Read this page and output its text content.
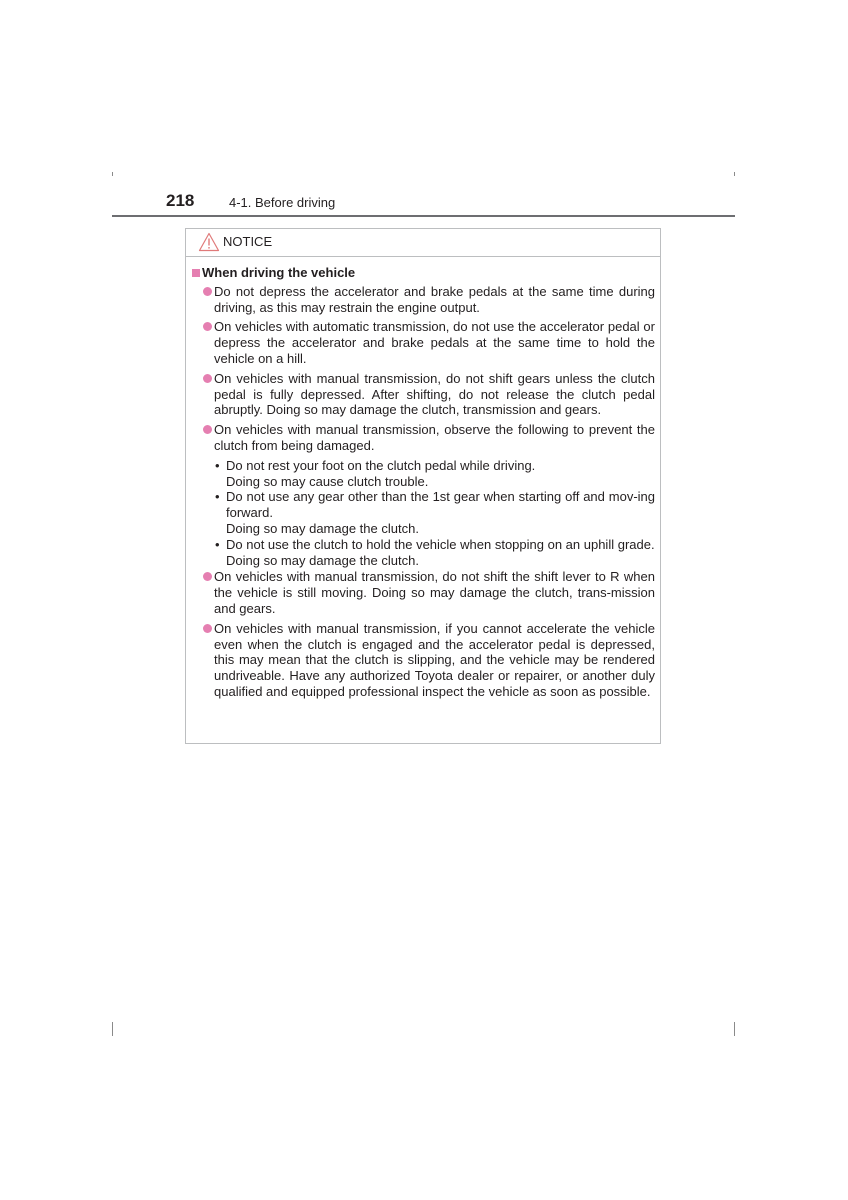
218	4-1. Before driving
NOTICE
When driving the vehicle
Do not depress the accelerator and brake pedals at the same time during driving, as this may restrain the engine output.
On vehicles with automatic transmission, do not use the accelerator pedal or depress the accelerator and brake pedals at the same time to hold the vehicle on a hill.
On vehicles with manual transmission, do not shift gears unless the clutch pedal is fully depressed. After shifting, do not release the clutch pedal abruptly. Doing so may damage the clutch, transmission and gears.
On vehicles with manual transmission, observe the following to prevent the clutch from being damaged.
• Do not rest your foot on the clutch pedal while driving.

Doing so may cause clutch trouble.

• Do not use any gear other than the 1st gear when starting off and mov-ing forward.

Doing so may damage the clutch.

• Do not use the clutch to hold the vehicle when stopping on an uphill grade.

Doing so may damage the clutch.

On vehicles with manual transmission, do not shift the shift lever to R when the vehicle is still moving. Doing so may damage the clutch, trans-mission and gears.
On vehicles with manual transmission, if you cannot accelerate the vehicle even when the clutch is engaged and the accelerator pedal is depressed, this may mean that the clutch is slipping, and the vehicle may be rendered undriveable. Have any authorized Toyota dealer or repairer, or another duly qualified and equipped professional inspect the vehicle as soon as possible.
